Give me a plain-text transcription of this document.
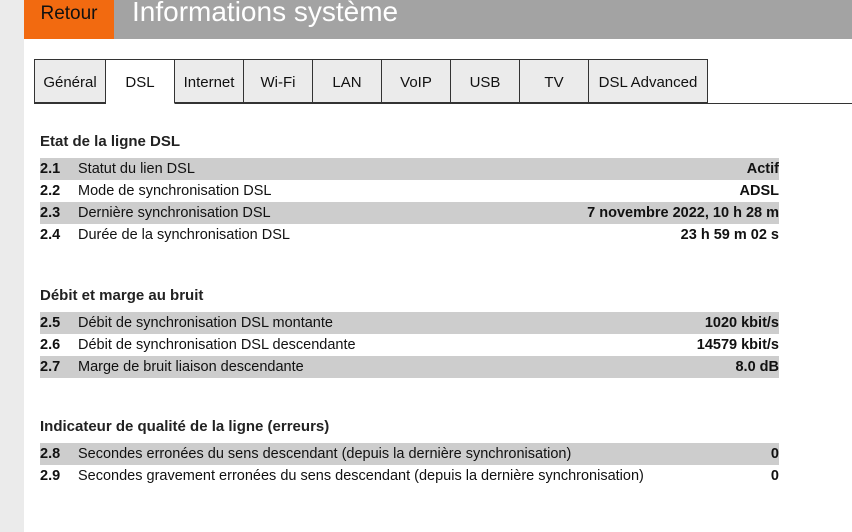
Retour	Informations système
Général	DSL	Internet	Wi-Fi	LAN	VoIP	USB	TV	DSL Advanced
Etat de la ligne DSL
2.1 Statut du lien DSL	Actif
2.2 Mode de synchronisation DSL	ADSL
2.3 Dernière synchronisation DSL	7 novembre 2022, 10 h 28 m
2.4 Durée de la synchronisation DSL	23 h 59 m 02 s
Débit et marge au bruit
2.5 Débit de synchronisation DSL montante	1020 kbit/s
2.6 Débit de synchronisation DSL descendante	14579 kbit/s
2.7 Marge de bruit liaison descendante	8.0 dB
Indicateur de qualité de la ligne (erreurs)
2.8 Secondes erronées du sens descendant (depuis la dernière synchronisation)	0
2.9 Secondes gravement erronées du sens descendant (depuis la dernière synchronisation)	0
